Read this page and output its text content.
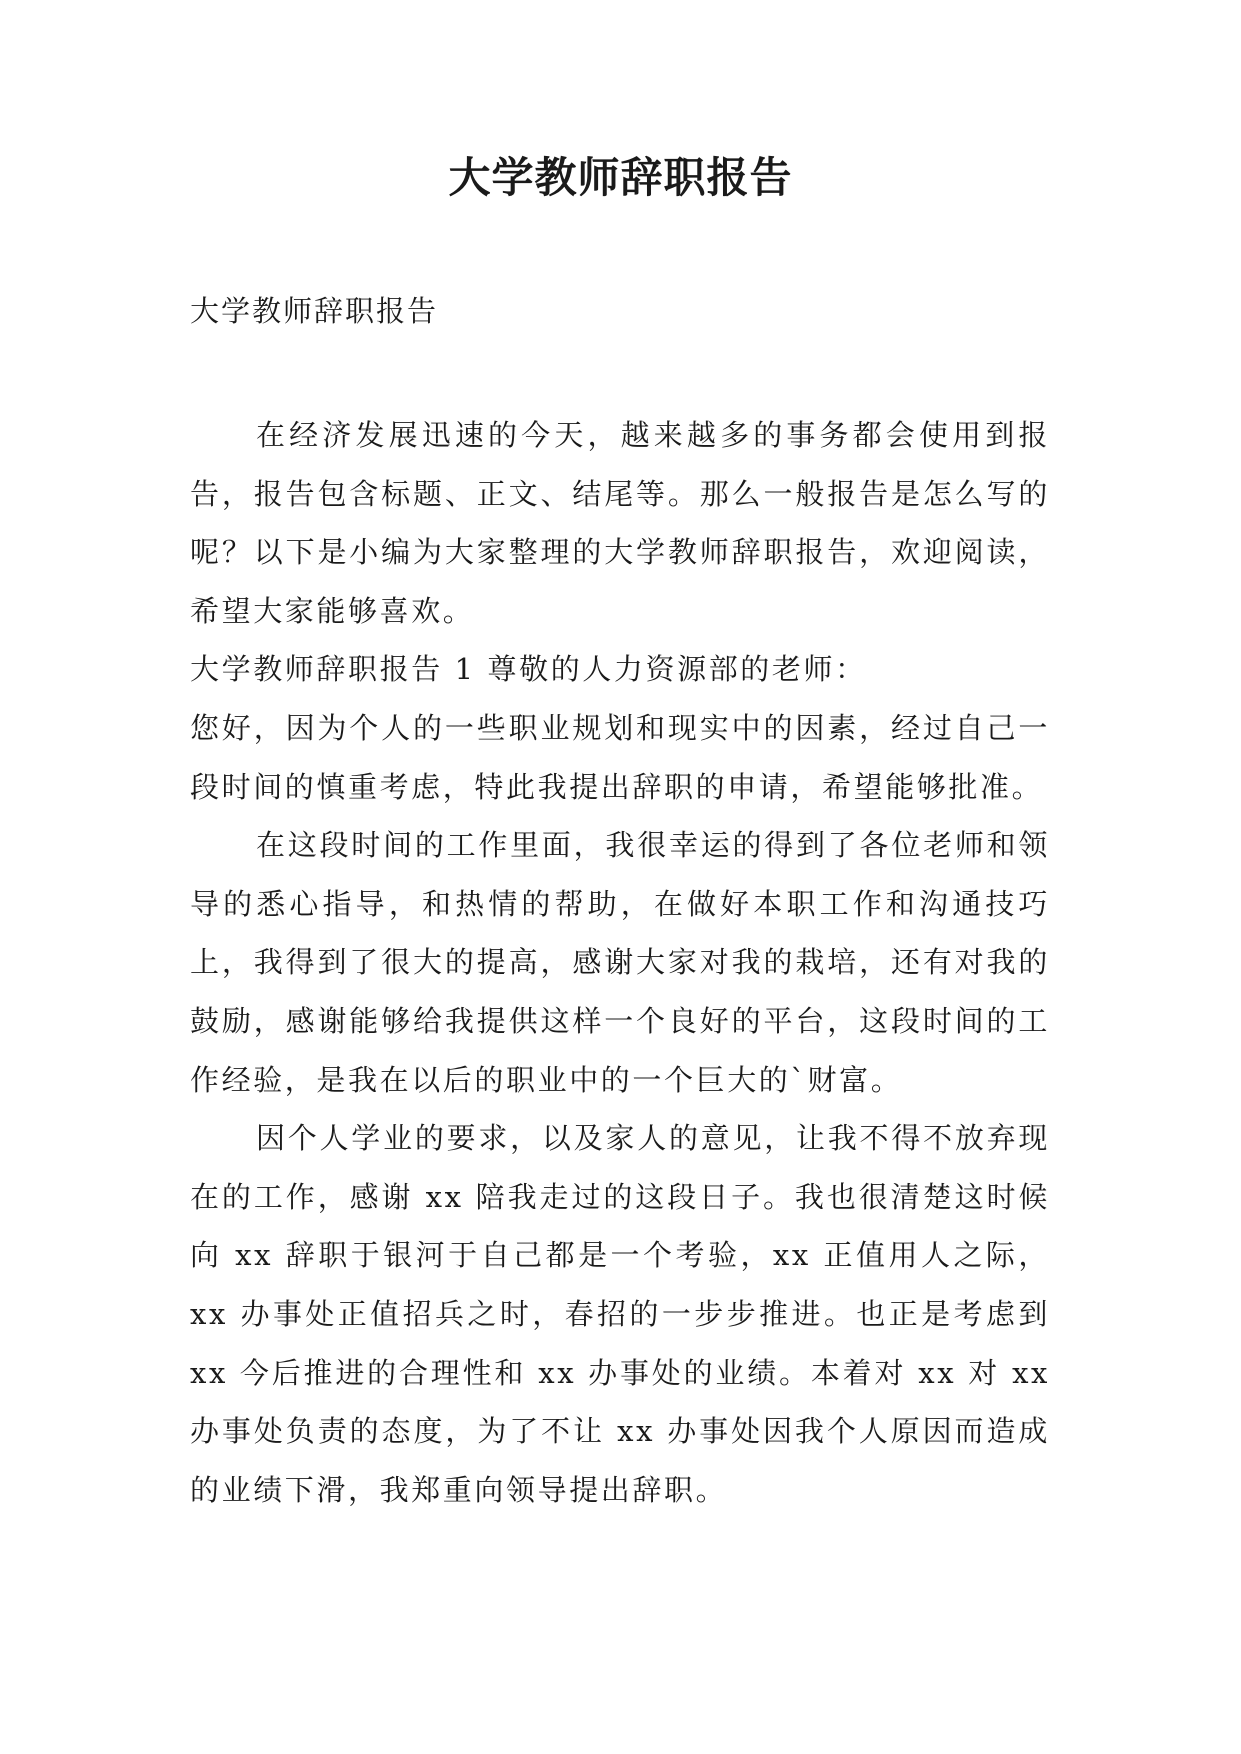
大学教师辞职报告

大学教师辞职报告

在经济发展迅速的今天，越来越多的事务都会使用到报告，报告包含标题、正文、结尾等。那么一般报告是怎么写的呢？以下是小编为大家整理的大学教师辞职报告，欢迎阅读，希望大家能够喜欢。

大学教师辞职报告 1 尊敬的人力资源部的老师：

您好，因为个人的一些职业规划和现实中的因素，经过自己一段时间的慎重考虑，特此我提出辞职的申请，希望能够批准。

在这段时间的工作里面，我很幸运的得到了各位老师和领导的悉心指导，和热情的帮助，在做好本职工作和沟通技巧上，我得到了很大的提高，感谢大家对我的栽培，还有对我的鼓励，感谢能够给我提供这样一个良好的平台，这段时间的工作经验，是我在以后的职业中的一个巨大的`财富。

因个人学业的要求，以及家人的意见，让我不得不放弃现在的工作，感谢 xx 陪我走过的这段日子。我也很清楚这时候向 xx 辞职于银河于自己都是一个考验，xx 正值用人之际，xx 办事处正值招兵之时，春招的一步步推进。也正是考虑到 xx 今后推进的合理性和 xx 办事处的业绩。本着对 xx 对 xx 办事处负责的态度，为了不让 xx 办事处因我个人原因而造成的业绩下滑，我郑重向领导提出辞职。
